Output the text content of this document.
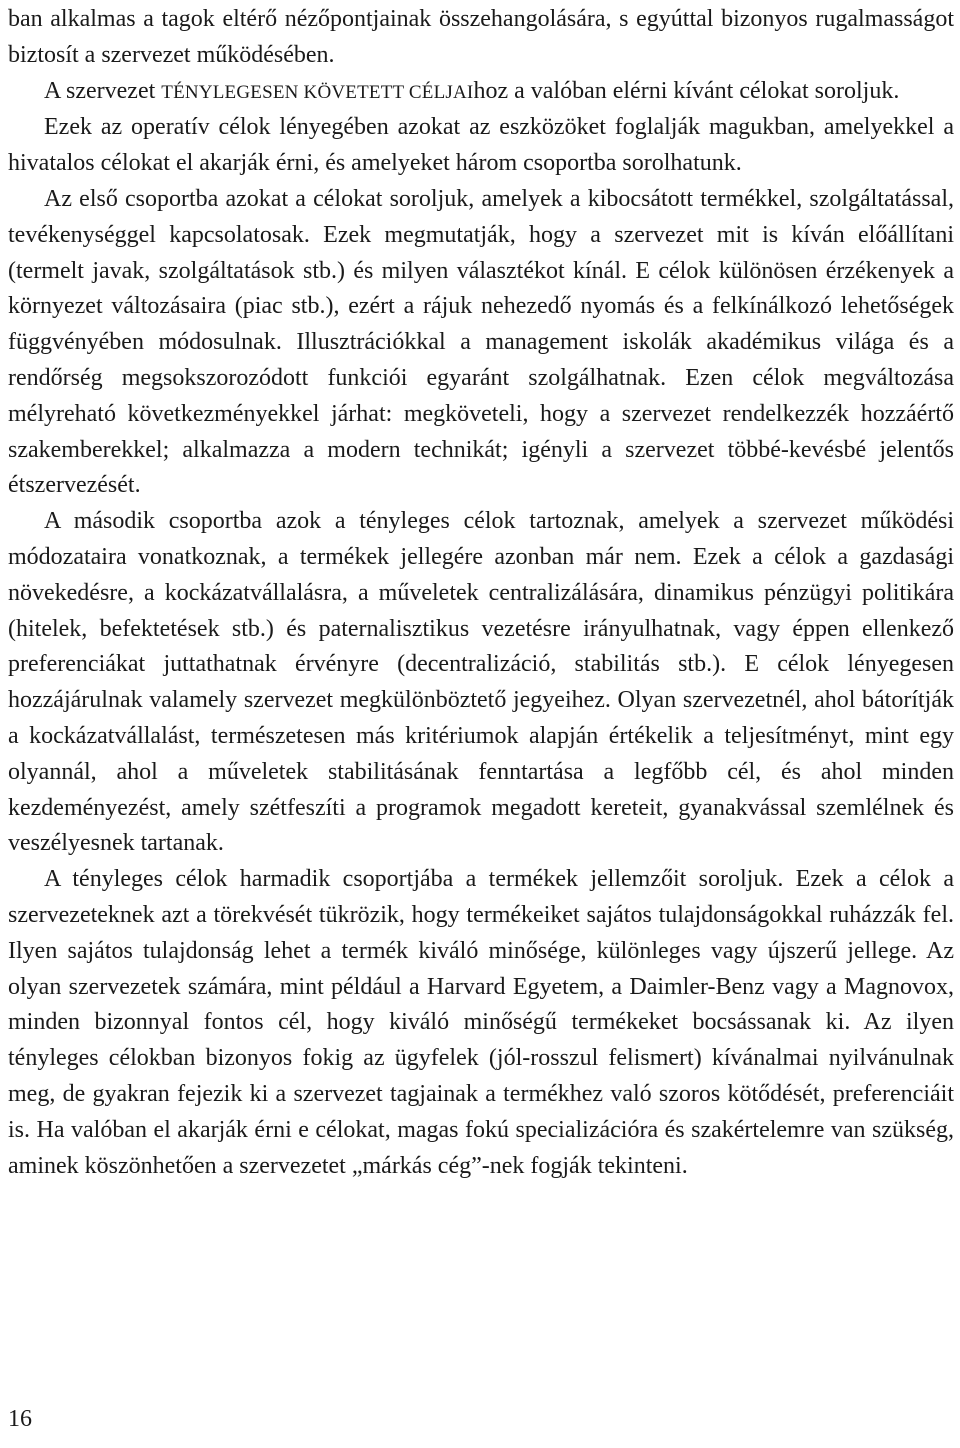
ban alkalmas a tagok eltérő nézőpontjainak összehangolására, s egyúttal bizonyos rugalmasságot biztosít a szervezet működésében.

A szervezet TÉNYLEGESEN KÖVETETT CÉLJAIhoz a valóban elérni kívánt célokat soroljuk.

Ezek az operatív célok lényegében azokat az eszközöket foglalják magukban, amelyekkel a hivatalos célokat el akarják érni, és amelyeket három csoportba sorolhatunk.

Az első csoportba azokat a célokat soroljuk, amelyek a kibocsátott termékkel, szolgáltatással, tevékenységgel kapcsolatosak. Ezek megmutatják, hogy a szervezet mit is kíván előállítani (termelt javak, szolgáltatások stb.) és milyen választékot kínál. E célok különösen érzékenyek a környezet változásaira (piac stb.), ezért a rájuk nehezedő nyomás és a felkínálkozó lehetőségek függvényében módosulnak. Illusztrációkkal a management iskolák akadémikus világa és a rendőrség megsokszorozódott funkciói egyaránt szolgálhatnak. Ezen célok megváltozása mélyreható következményekkel járhat: megköveteli, hogy a szervezet rendelkezzék hozzáértő szakemberekkel; alkalmazza a modern technikát; igényli a szervezet többé-kevésbé jelentős étszervezését.

A második csoportba azok a tényleges célok tartoznak, amelyek a szervezet működési módozataira vonatkoznak, a termékek jellegére azonban már nem. Ezek a célok a gazdasági növekedésre, a kockázatvállalásra, a műveletek centralizálására, dinamikus pénzügyi politikára (hitelek, befektetések stb.) és paternalisztikus vezetésre irányulhatnak, vagy éppen ellenkező preferenciákat juttathatnak érvényre (decentralizáció, stabilitás stb.). E célok lényegesen hozzájárulnak valamely szervezet megkülönböztető jegyeihez. Olyan szervezetnél, ahol bátorítják a kockázatvállalást, természetesen más kritériumok alapján értékelik a teljesítményt, mint egy olyannál, ahol a műveletek stabilitásának fenntartása a legfőbb cél, és ahol minden kezdeményezést, amely szétfeszíti a programok megadott kereteit, gyanakvással szemlélnek és veszélyesnek tartanak.

A tényleges célok harmadik csoportjába a termékek jellemzőit soroljuk. Ezek a célok a szervezeteknek azt a törekvését tükrözik, hogy termékeiket sajátos tulajdonságokkal ruházzák fel. Ilyen sajátos tulajdonság lehet a termék kiváló minősége, különleges vagy újszerű jellege. Az olyan szervezetek számára, mint például a Harvard Egyetem, a Daimler-Benz vagy a Magnovox, minden bizonnyal fontos cél, hogy kiváló minőségű termékeket bocsássanak ki. Az ilyen tényleges célokban bizonyos fokig az ügyfelek (jól-rosszul felismert) kívánalmai nyilvánulnak meg, de gyakran fejezik ki a szervezet tagjainak a termékhez való szoros kötődését, preferenciáit is. Ha valóban el akarják érni e célokat, magas fokú specializációra és szakértelemre van szükség, aminek köszönhetően a szervezetet „márkás cég”-nek fogják tekinteni.

16
